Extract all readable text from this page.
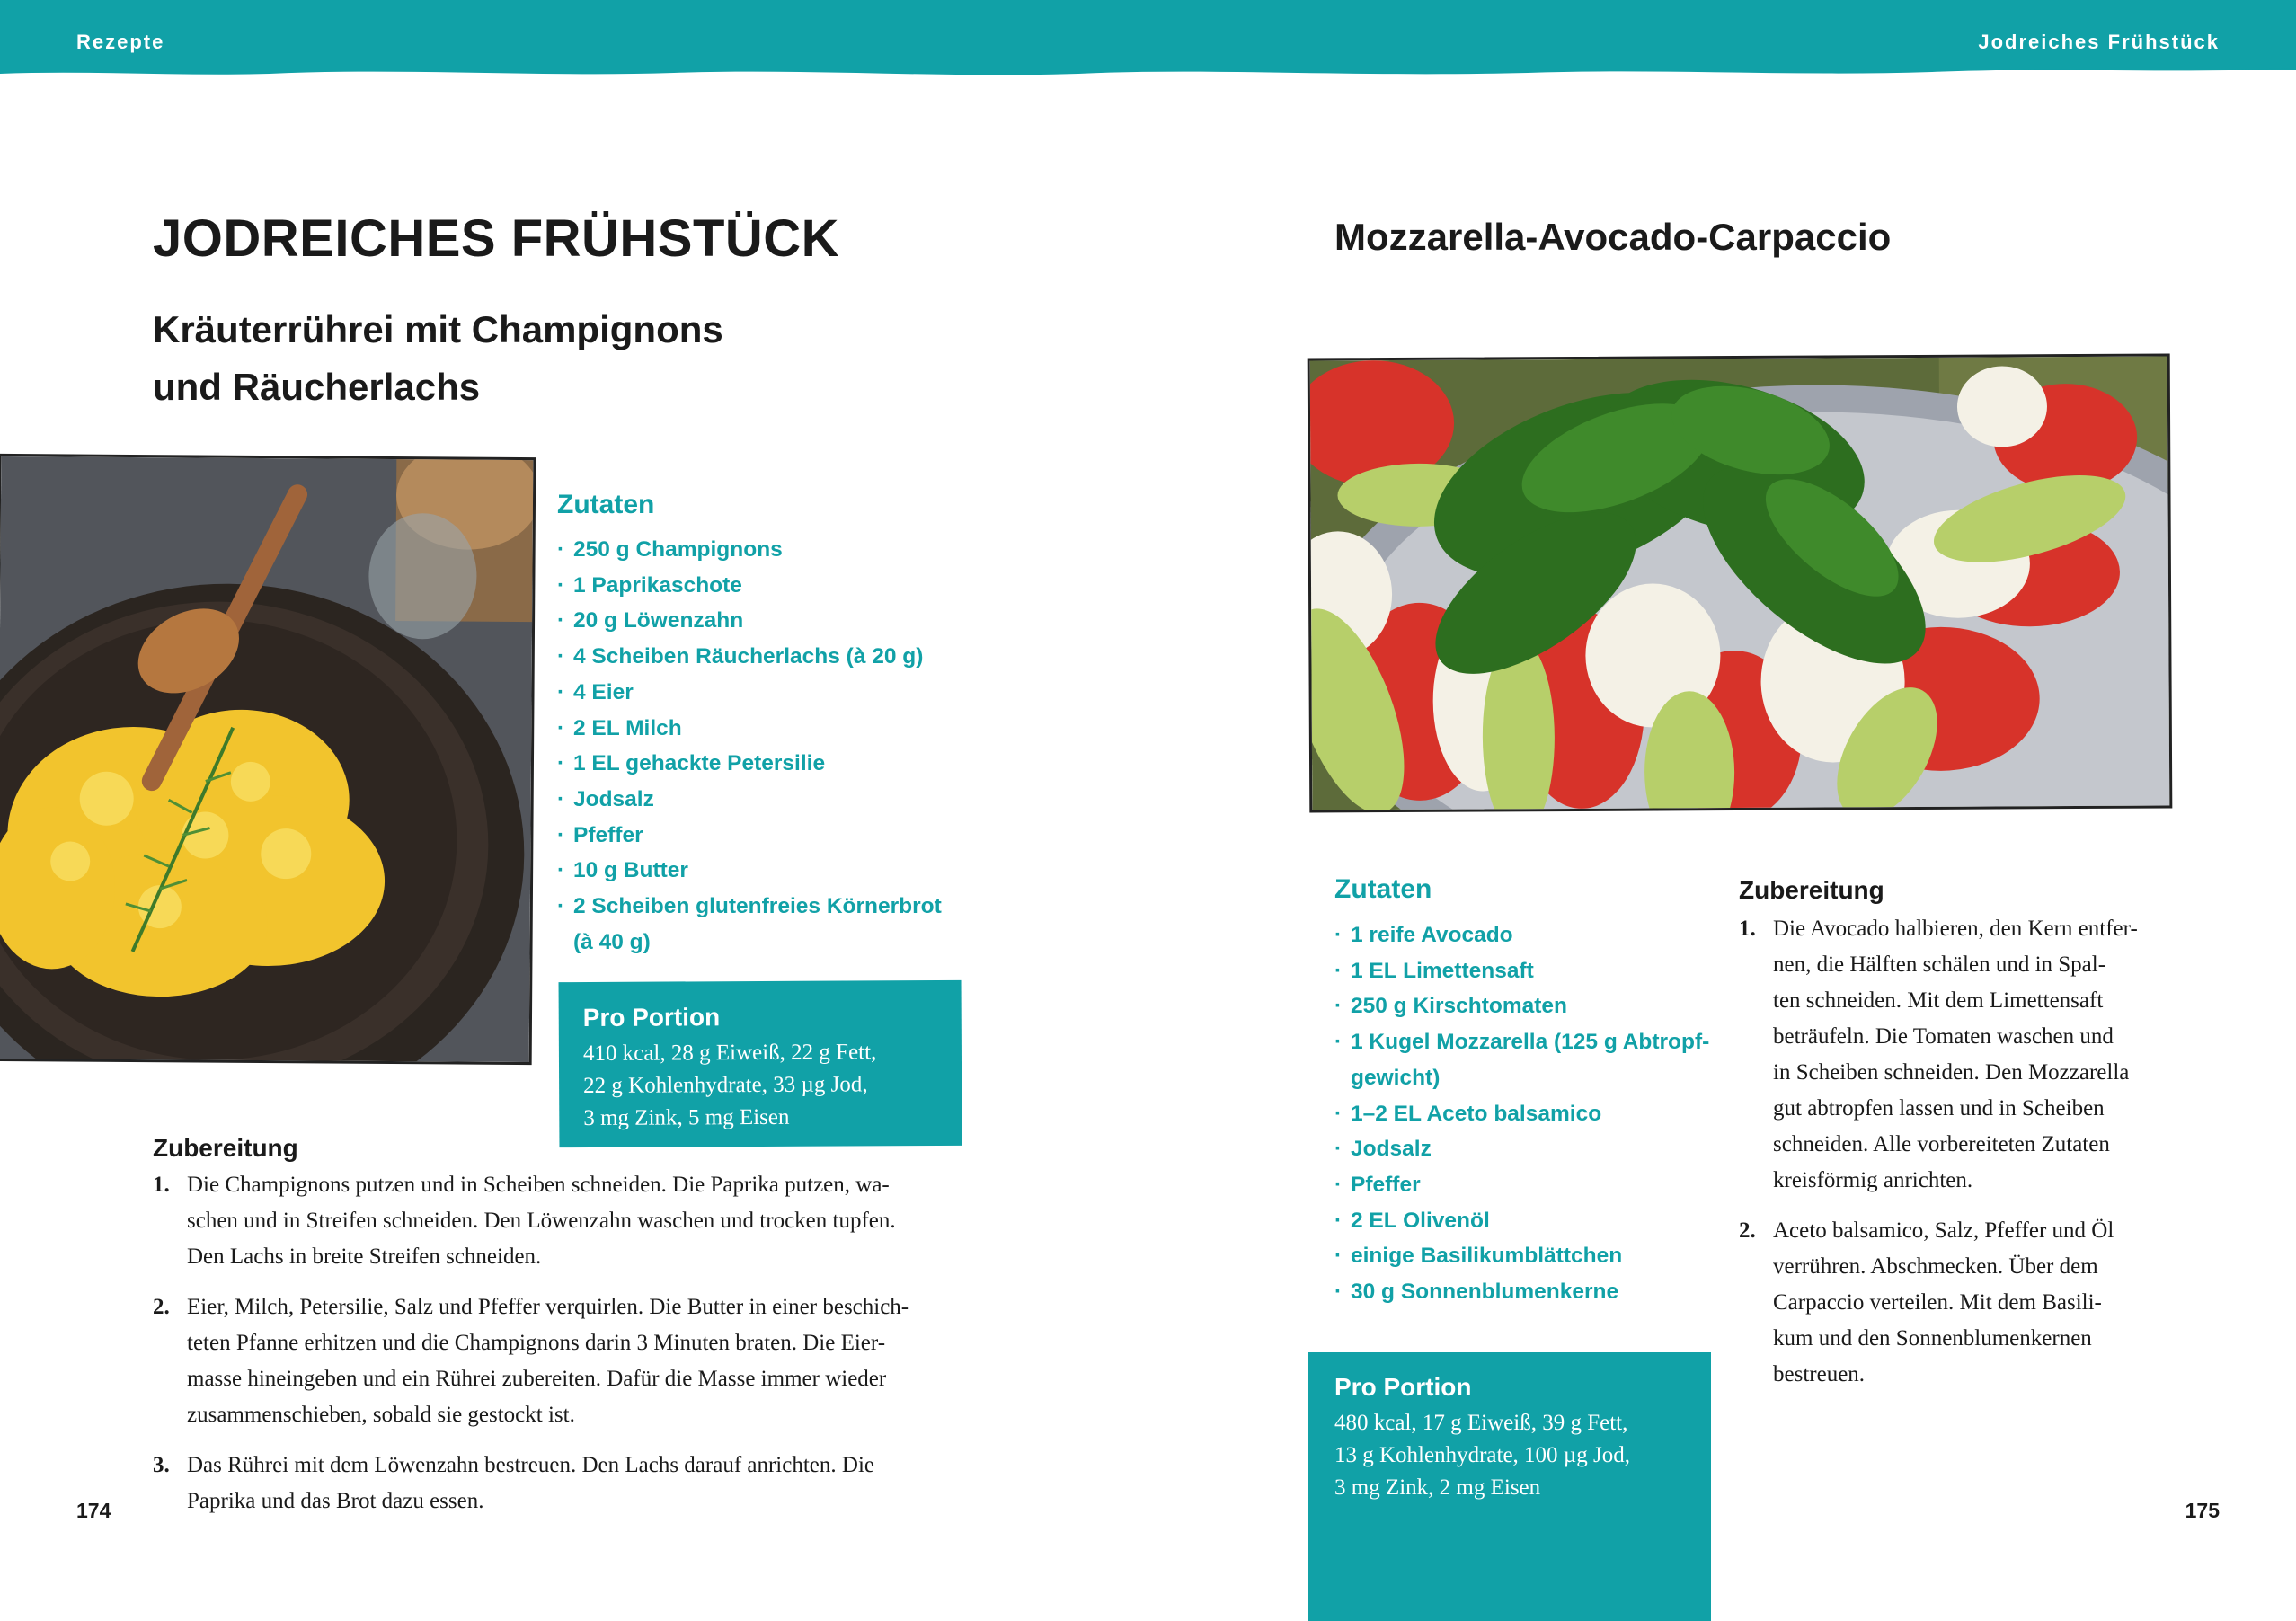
Rezepte	Jodreiches Frühstück
JODREICHES FRÜHSTÜCK
Kräuterrührei mit Champignons
und Räucherlachs
Zutaten
· 250 g Champignons
· 1 Paprikaschote
· 20 g Löwenzahn
· 4 Scheiben Räucherlachs (à 20 g)
· 4 Eier
· 2 EL Milch
· 1 EL gehackte Petersilie
· Jodsalz
· Pfeffer
· 10 g Butter
· 2 Scheiben glutenfreies Körnerbrot
(à 40 g)
Pro Portion
410 kcal, 28 g Eiweiß, 22 g Fett,
22 g Kohlenhydrate, 33 µg Jod,
3 mg Zink, 5 mg Eisen
Zubereitung
1. Die Champignons putzen und in Scheiben schneiden. Die Paprika putzen, wa-
schen und in Streifen schneiden. Den Löwenzahn waschen und trocken tupfen.
Den Lachs in breite Streifen schneiden.
2. Eier, Milch, Petersilie, Salz und Pfeffer verquirlen. Die Butter in einer beschich-
teten Pfanne erhitzen und die Champignons darin 3 Minuten braten. Die Eier-
masse hineingeben und ein Rührei zubereiten. Dafür die Masse immer wieder
zusammenschieben, sobald sie gestockt ist.
3. Das Rührei mit dem Löwenzahn bestreuen. Den Lachs darauf anrichten. Die
Paprika und das Brot dazu essen.
174
Mozzarella-Avocado-Carpaccio
Zutaten
· 1 reife Avocado
· 1 EL Limettensaft
· 250 g Kirschtomaten
· 1 Kugel Mozzarella (125 g Abtropf-
gewicht)
· 1–2 EL Aceto balsamico
· Jodsalz
· Pfeffer
· 2 EL Olivenöl
· einige Basilikumblättchen
· 30 g Sonnenblumenkerne
Pro Portion
480 kcal, 17 g Eiweiß, 39 g Fett,
13 g Kohlenhydrate, 100 µg Jod,
3 mg Zink, 2 mg Eisen
Zubereitung
1. Die Avocado halbieren, den Kern entfer-
nen, die Hälften schälen und in Spal-
ten schneiden. Mit dem Limettensaft
beträufeln. Die Tomaten waschen und
in Scheiben schneiden. Den Mozzarella
gut abtropfen lassen und in Scheiben
schneiden. Alle vorbereiteten Zutaten
kreisförmig anrichten.
2. Aceto balsamico, Salz, Pfeffer und Öl
verrühren. Abschmecken. Über dem
Carpaccio verteilen. Mit dem Basili-
kum und den Sonnenblumenkernen
bestreuen.
175
